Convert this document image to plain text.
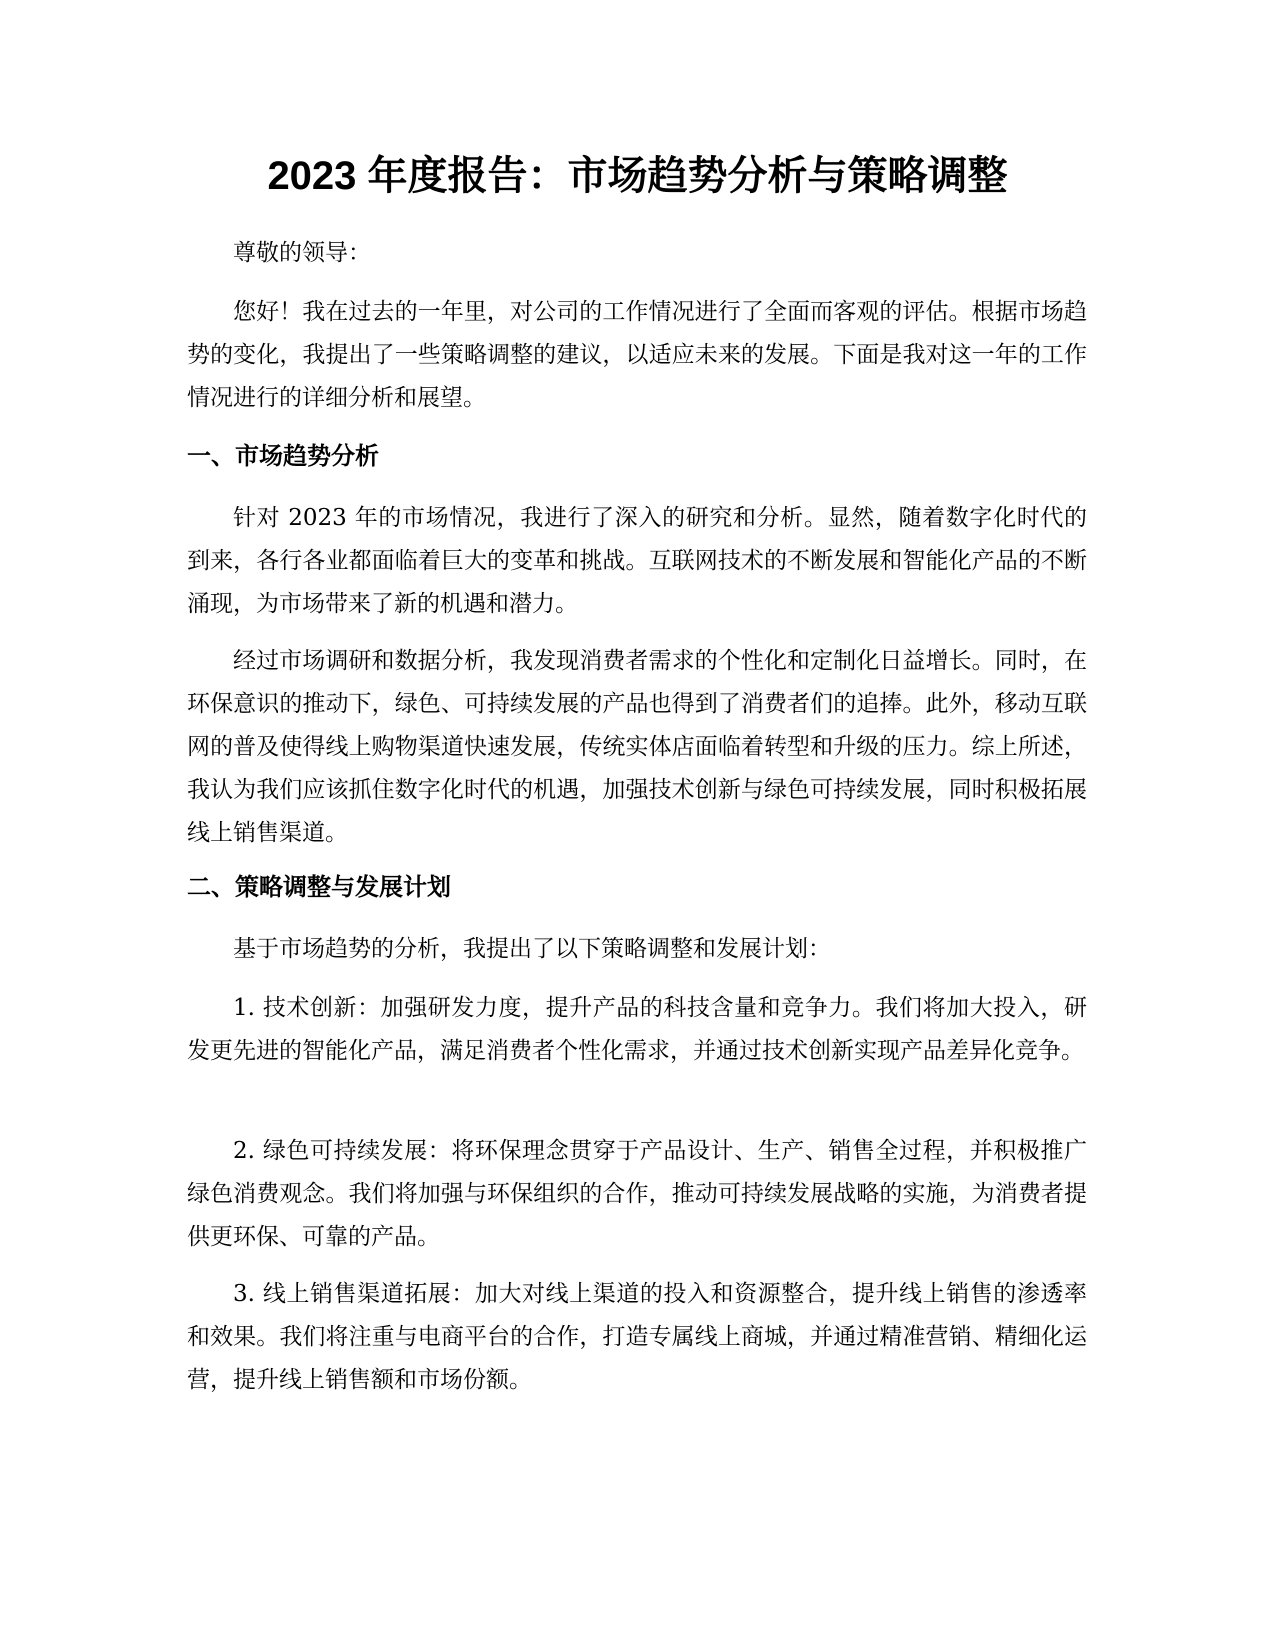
2023 年度报告：市场趋势分析与策略调整

尊敬的领导：

您好！我在过去的一年里，对公司的工作情况进行了全面而客观的评估。根据市场趋势的变化，我提出了一些策略调整的建议，以适应未来的发展。下面是我对这一年的工作情况进行的详细分析和展望。

一、市场趋势分析

针对 2023 年的市场情况，我进行了深入的研究和分析。显然，随着数字化时代的到来，各行各业都面临着巨大的变革和挑战。互联网技术的不断发展和智能化产品的不断涌现，为市场带来了新的机遇和潜力。

经过市场调研和数据分析，我发现消费者需求的个性化和定制化日益增长。同时，在环保意识的推动下，绿色、可持续发展的产品也得到了消费者们的追捧。此外，移动互联网的普及使得线上购物渠道快速发展，传统实体店面临着转型和升级的压力。综上所述，我认为我们应该抓住数字化时代的机遇，加强技术创新与绿色可持续发展，同时积极拓展线上销售渠道。

二、策略调整与发展计划

基于市场趋势的分析，我提出了以下策略调整和发展计划：

1. 技术创新：加强研发力度，提升产品的科技含量和竞争力。我们将加大投入，研发更先进的智能化产品，满足消费者个性化需求，并通过技术创新实现产品差异化竞争。

2. 绿色可持续发展：将环保理念贯穿于产品设计、生产、销售全过程，并积极推广绿色消费观念。我们将加强与环保组织的合作，推动可持续发展战略的实施，为消费者提供更环保、可靠的产品。

3. 线上销售渠道拓展：加大对线上渠道的投入和资源整合，提升线上销售的渗透率和效果。我们将注重与电商平台的合作，打造专属线上商城，并通过精准营销、精细化运营，提升线上销售额和市场份额。
